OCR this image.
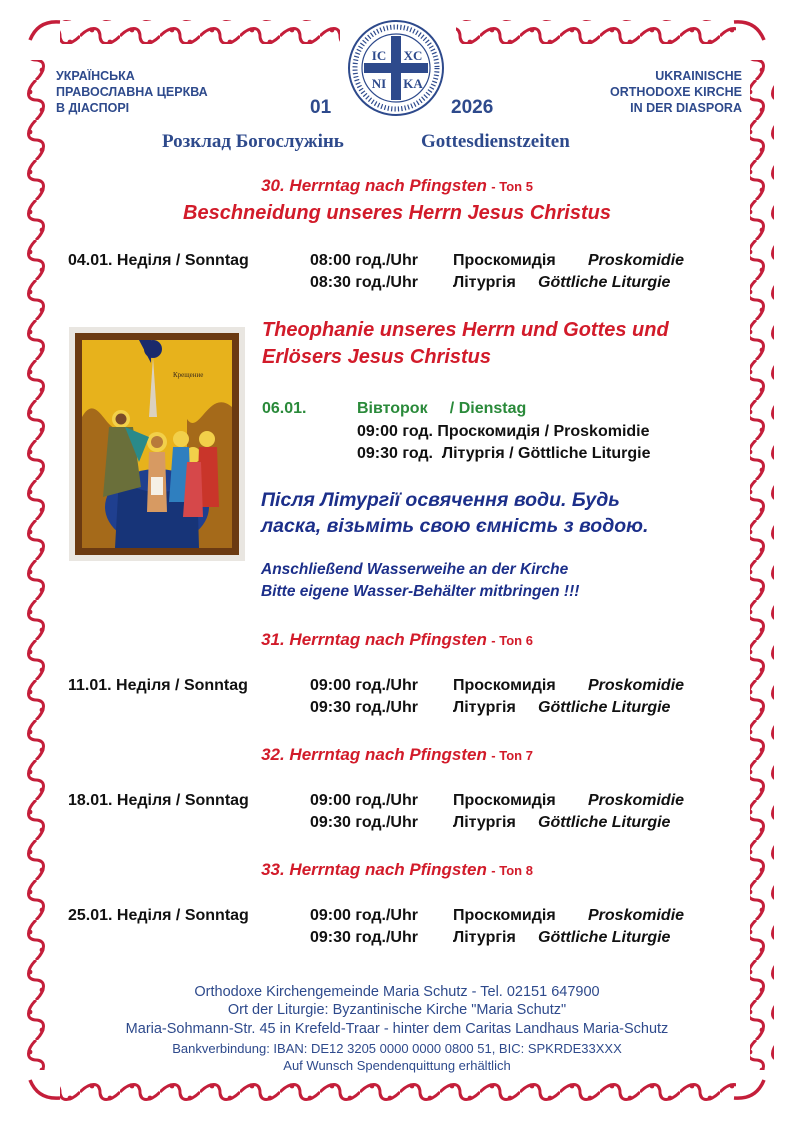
УКРАЇНСЬКА
ПРАВОСЛАВНА ЦЕРКВА
В ДІАСПОРІ
UKRAINISCHE
ORTHODOXE KIRCHE
IN DER DIASPORA
IC XC
NI KA
01	2026
Розклад Богослужінь	Gottesdienstzeiten
30. Herrntag nach Pfingsten - Ton 5
Beschneidung unseres Herrn Jesus Christus
04.01. Неділя / Sonntag	08:00 год./Uhr Проскомидія Proskomidie
08:30 год./Uhr Літургія Göttliche Liturgie
Крещение
Theophanie unseres Herrn und Gottes und
Erlösers Jesus Christus
06.01.	Вівторок     / Dienstag
09:00 год. Проскомидія / Proskomidie
09:30 год.  Літургія / Göttliche Liturgie
Після Літургії освячення води. Будь
ласка, візьміть свою ємність з водою.
Anschließend Wasserweihe an der Kirche
Bitte eigene Wasser-Behälter mitbringen !!!
31. Herrntag nach Pfingsten - Ton 6
11.01. Неділя / Sonntag	09:00 год./Uhr Проскомидія Proskomidie
09:30 год./Uhr Літургія Göttliche Liturgie
32. Herrntag nach Pfingsten - Ton 7
18.01. Неділя / Sonntag	09:00 год./Uhr Проскомидія Proskomidie
09:30 год./Uhr Літургія Göttliche Liturgie
33. Herrntag nach Pfingsten - Ton 8
25.01. Неділя / Sonntag	09:00 год./Uhr Проскомидія Proskomidie
09:30 год./Uhr Літургія Göttliche Liturgie
Orthodoxe Kirchengemeinde Maria Schutz - Tel. 02151 647900
Ort der Liturgie: Byzantinische Kirche "Maria Schutz"
Maria-Sohmann-Str. 45 in Krefeld-Traar - hinter dem Caritas Landhaus Maria-Schutz
Bankverbindung: IBAN: DE12 3205 0000 0000 0800 51, BIC: SPKRDE33XXX
Auf Wunsch Spendenquittung erhältlich
